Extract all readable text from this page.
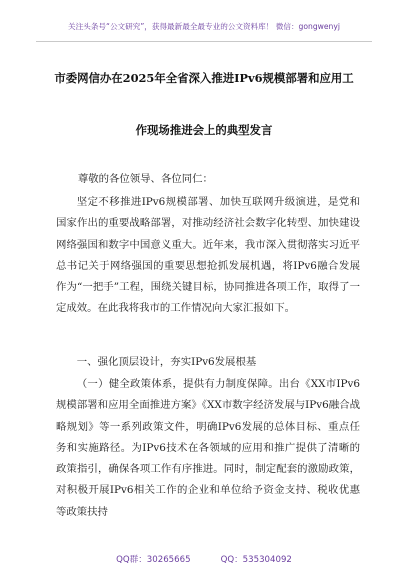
关注头条号“公文研究”，获得最新最全最专业的公文资料库！ 微信：gongwenyj
市委网信办在2025年全省深入推进IPv6规模部署和应用工
作现场推进会上的典型发言
尊敬的各位领导、各位同仁：
坚定不移推进IPv6规模部署、加快互联网升级演进，是党和国家作出的重要战略部署，对推动经济社会数字化转型、加快建设网络强国和数字中国意义重大。近年来，我市深入贯彻落实习近平总书记关于网络强国的重要思想抢抓发展机遇，将IPv6融合发展作为“一把手”工程，围绕关键目标，协同推进各项工作，取得了一定成效。在此我将我市的工作情况向大家汇报如下。
一、强化顶层设计，夯实IPv6发展根基
（一）健全政策体系，提供有力制度保障。出台《XX市IPv6规模部署和应用全面推进方案》《XX市数字经济发展与IPv6融合战略规划》等一系列政策文件，明确IPv6发展的总体目标、重点任务和实施路径。为IPv6技术在各领域的应用和推广提供了清晰的政策指引，确保各项工作有序推进。同时，制定配套的激励政策，对积极开展IPv6相关工作的企业和单位给予资金支持、税收优惠等政策扶持
QQ群：30265665	QQ：535304092
